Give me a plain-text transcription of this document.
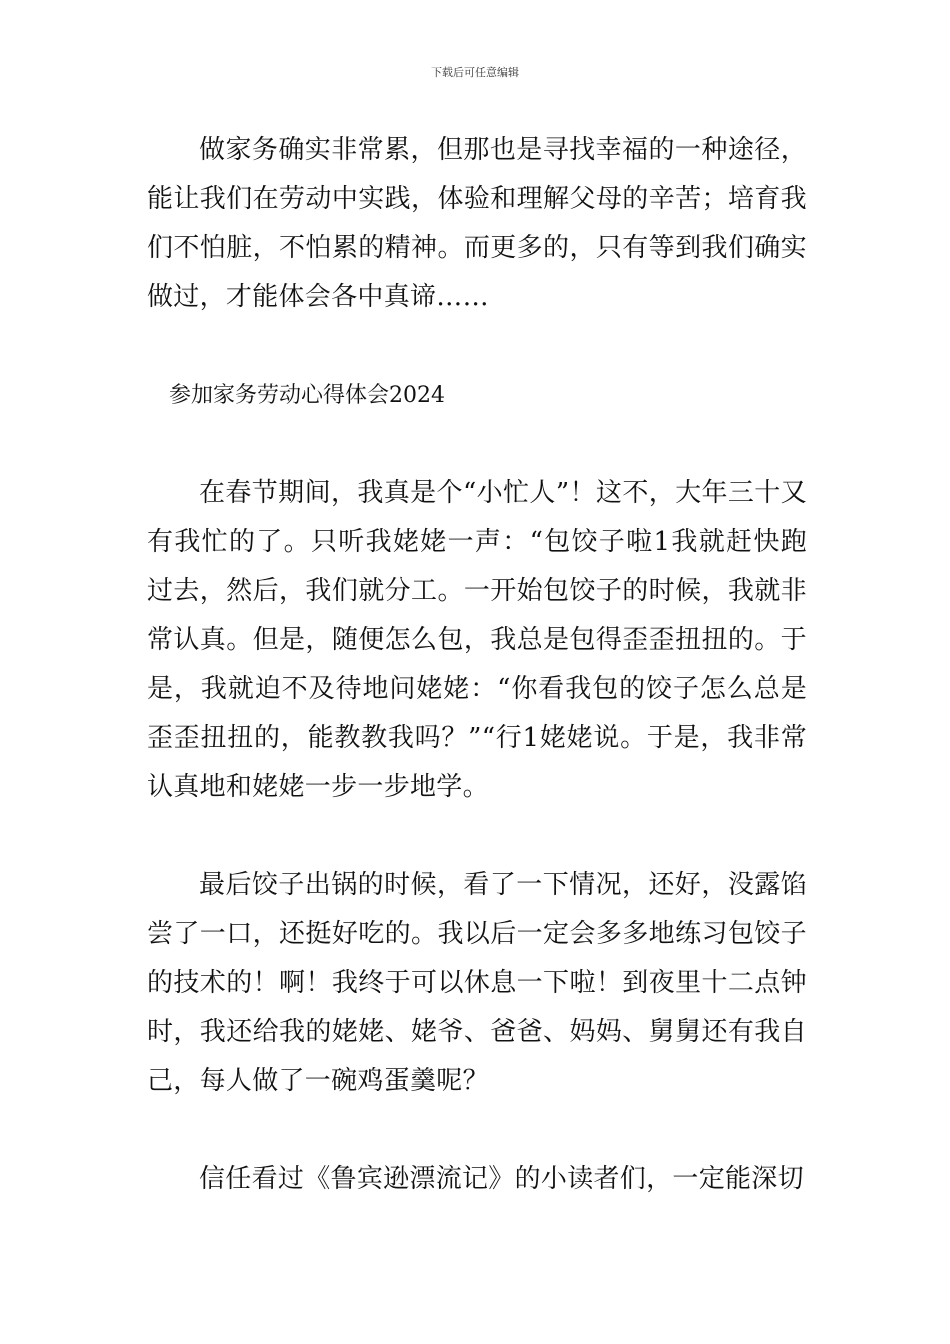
下载后可任意编辑

做家务确实非常累，但那也是寻找幸福的一种途径，能让我们在劳动中实践，体验和理解父母的辛苦；培育我们不怕脏，不怕累的精神。而更多的，只有等到我们确实做过，才能体会各中真谛……

参加家务劳动心得体会2024

在春节期间，我真是个“小忙人”！这不，大年三十又有我忙的了。只听我姥姥一声：“包饺子啦1我就赶快跑过去，然后，我们就分工。一开始包饺子的时候，我就非常认真。但是，随便怎么包，我总是包得歪歪扭扭的。于是，我就迫不及待地问姥姥：“你看我包的饺子怎么总是歪歪扭扭的，能教教我吗？”“行1姥姥说。于是，我非常认真地和姥姥一步一步地学。

最后饺子出锅的时候，看了一下情况，还好，没露馅尝了一口，还挺好吃的。我以后一定会多多地练习包饺子的技术的！啊！我终于可以休息一下啦！到夜里十二点钟时，我还给我的姥姥、姥爷、爸爸、妈妈、舅舅还有我自己，每人做了一碗鸡蛋羹呢？

信任看过《鲁宾逊漂流记》的小读者们，一定能深切
